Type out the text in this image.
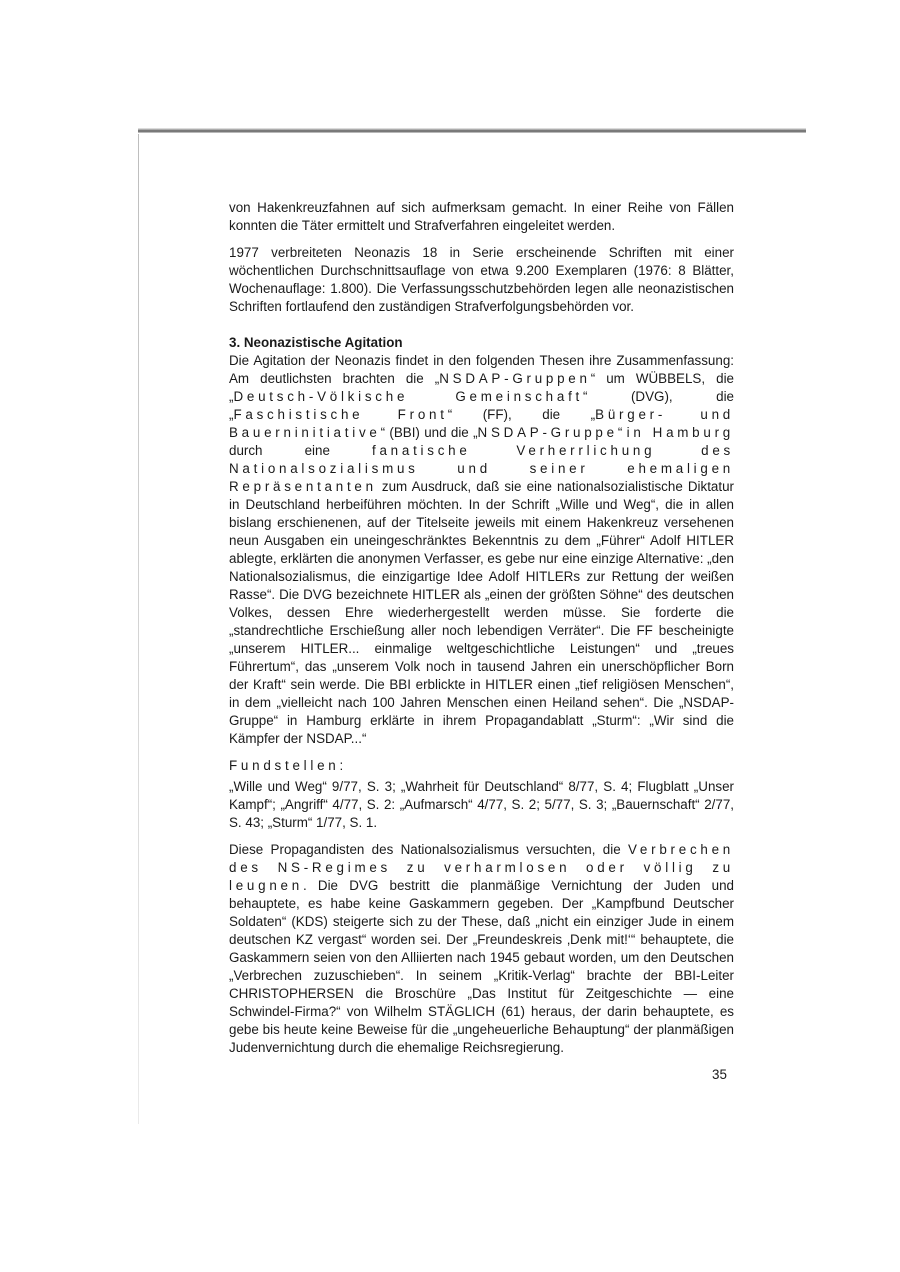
von Hakenkreuzfahnen auf sich aufmerksam gemacht. In einer Reihe von Fällen konnten die Täter ermittelt und Strafverfahren eingeleitet werden.

1977 verbreiteten Neonazis 18 in Serie erscheinende Schriften mit einer wöchentlichen Durchschnittsauflage von etwa 9.200 Exemplaren (1976: 8 Blätter, Wochenauflage: 1.800). Die Verfassungsschutzbehörden legen alle neonazistischen Schriften fortlaufend den zuständigen Strafverfolgungsbehörden vor.

3. Neonazistische Agitation

Die Agitation der Neonazis findet in den folgenden Thesen ihre Zusammenfassung: Am deutlichsten brachten die „NSDAP-Gruppen“ um WÜBBELS, die „Deutsch-Völkische Gemeinschaft“ (DVG), die „Faschistische Front“ (FF), die „Bürger- und Bauerninitiative“ (BBI) und die „NSDAP-Gruppe“ in Hamburg durch eine fanatische Verherrlichung des Nationalsozialismus und seiner ehemaligen Repräsentanten zum Ausdruck, daß sie eine nationalsozialistische Diktatur in Deutschland herbeiführen möchten. In der Schrift „Wille und Weg“, die in allen bislang erschienenen, auf der Titelseite jeweils mit einem Hakenkreuz versehenen neun Ausgaben ein uneingeschränktes Bekenntnis zu dem „Führer“ Adolf HITLER ablegte, erklärten die anonymen Verfasser, es gebe nur eine einzige Alternative: „den Nationalsozialismus, die einzigartige Idee Adolf HITLERs zur Rettung der weißen Rasse“. Die DVG bezeichnete HITLER als „einen der größten Söhne“ des deutschen Volkes, dessen Ehre wiederhergestellt werden müsse. Sie forderte die „standrechtliche Erschießung aller noch lebendigen Verräter“. Die FF bescheinigte „unserem HITLER... einmalige weltgeschichtliche Leistungen“ und „treues Führertum“, das „unserem Volk noch in tausend Jahren ein unerschöpflicher Born der Kraft“ sein werde. Die BBI erblickte in HITLER einen „tief religiösen Menschen“, in dem „vielleicht nach 100 Jahren Menschen einen Heiland sehen“. Die „NSDAP-Gruppe“ in Hamburg erklärte in ihrem Propagandablatt „Sturm“: „Wir sind die Kämpfer der NSDAP...“

Fundstellen:

„Wille und Weg“ 9/77, S. 3; „Wahrheit für Deutschland“ 8/77, S. 4; Flugblatt „Unser Kampf“; „Angriff“ 4/77, S. 2: „Aufmarsch“ 4/77, S. 2; 5/77, S. 3; „Bauernschaft“ 2/77, S. 43; „Sturm“ 1/77, S. 1.

Diese Propagandisten des Nationalsozialismus versuchten, die Verbrechen des NS-Regimes zu verharmlosen oder völlig zu leugnen. Die DVG bestritt die planmäßige Vernichtung der Juden und behauptete, es habe keine Gaskammern gegeben. Der „Kampfbund Deutscher Soldaten“ (KDS) steigerte sich zu der These, daß „nicht ein einziger Jude in einem deutschen KZ vergast“ worden sei. Der „Freundeskreis ‚Denk mit!‘“ behauptete, die Gaskammern seien von den Alliierten nach 1945 gebaut worden, um den Deutschen „Verbrechen zuzuschieben“. In seinem „Kritik-Verlag“ brachte der BBI-Leiter CHRISTOPHERSEN die Broschüre „Das Institut für Zeitgeschichte — eine Schwindel-Firma?“ von Wilhelm STÄGLICH (61) heraus, der darin behauptete, es gebe bis heute keine Beweise für die „ungeheuerliche Behauptung“ der planmäßigen Judenvernichtung durch die ehemalige Reichsregierung.

35
